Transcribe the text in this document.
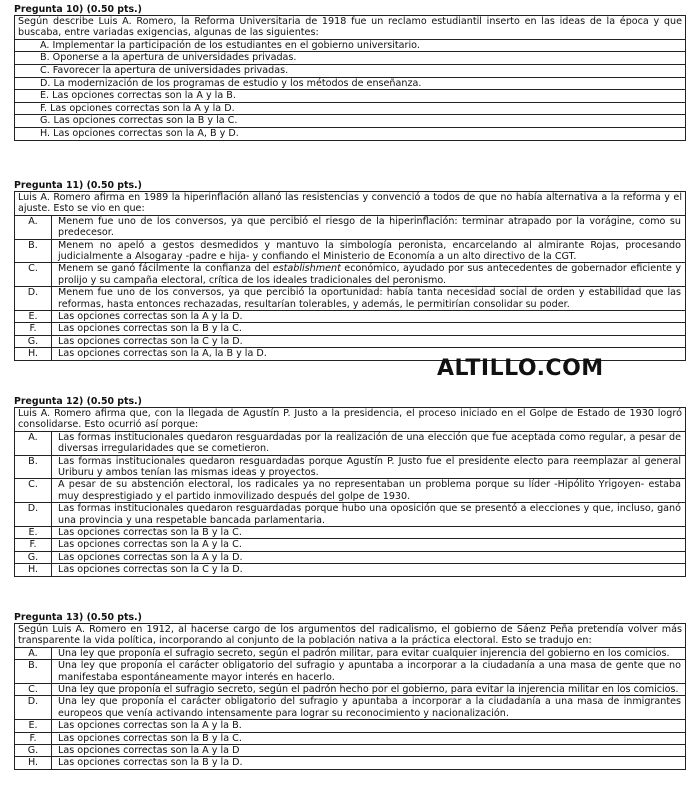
Pregunta 10) (0.50 pts.)
Según describe Luis A. Romero, la Reforma Universitaria de 1918 fue un reclamo estudiantil inserto en las ideas de la época y que buscaba, entre variadas exigencias, algunas de las siguientes:
A. Implementar la participación de los estudiantes en el gobierno universitario.
B. Oponerse a la apertura de universidades privadas.
C. Favorecer la apertura de universidades privadas.
D. La modernización de los programas de estudio y los métodos de enseñanza.
E. Las opciones correctas son la A y la B.
F. Las opciones correctas son la A y la D.
G. Las opciones correctas son la B y la C.
H. Las opciones correctas son la A, B y D.
Pregunta 11) (0.50 pts.)
Luis A. Romero afirma en 1989 la hiperinflación allanó las resistencias y convenció a todos de que no había alternativa a la reforma y el ajuste. Esto se vio en que:
A.	Menem fue uno de los conversos, ya que percibió el riesgo de la hiperinflación: terminar atrapado por la vorágine, como su predecesor.
B.	Menem no apeló a gestos desmedidos y mantuvo la simbología peronista, encarcelando al almirante Rojas, procesando judicialmente a Alsogaray -padre e hija- y confiando el Ministerio de Economía a un alto directivo de la CGT.
C.	Menem se ganó fácilmente la confianza del establishment económico, ayudado por sus antecedentes de gobernador eficiente y prolijo y su campaña electoral, crítica de los ideales tradicionales del peronismo.
D.	Menem fue uno de los conversos, ya que percibió la oportunidad: había tanta necesidad social de orden y estabilidad que las reformas, hasta entonces rechazadas, resultarían tolerables, y además, le permitirían consolidar su poder.
E.	Las opciones correctas son la A y la D.
F.	Las opciones correctas son la B y la C.
G.	Las opciones correctas son la C y la D.
H.	Las opciones correctas son la A, la B y la D.
ALTILLO.COM
Pregunta 12) (0.50 pts.)
Luis A. Romero afirma que, con la llegada de Agustín P. Justo a la presidencia, el proceso iniciado en el Golpe de Estado de 1930 logró consolidarse. Esto ocurrió así porque:
A.	Las formas institucionales quedaron resguardadas por la realización de una elección que fue aceptada como regular, a pesar de diversas irregularidades que se cometieron.
B.	Las formas institucionales quedaron resguardadas porque Agustín P. Justo fue el presidente electo para reemplazar al general Uriburu y ambos tenían las mismas ideas y proyectos.
C.	A pesar de su abstención electoral, los radicales ya no representaban un problema porque su líder -Hipólito Yrigoyen- estaba muy desprestigiado y el partido inmovilizado después del golpe de 1930.
D.	Las formas institucionales quedaron resguardadas porque hubo una oposición que se presentó a elecciones y que, incluso, ganó una provincia y una respetable bancada parlamentaria.
E.	Las opciones correctas son la B y la C.
F.	Las opciones correctas son la A y la C.
G.	Las opciones correctas son la A y la D.
H.	Las opciones correctas son la C y la D.
Pregunta 13) (0.50 pts.)
Según Luis A. Romero en 1912, al hacerse cargo de los argumentos del radicalismo, el gobierno de Sáenz Peña pretendía volver más transparente la vida política, incorporando al conjunto de la población nativa a la práctica electoral. Esto se tradujo en:
A.	Una ley que proponía el sufragio secreto, según el padrón militar, para evitar cualquier injerencia del gobierno en los comicios.
B.	Una ley que proponía el carácter obligatorio del sufragio y apuntaba a incorporar a la ciudadanía a una masa de gente que no manifestaba espontáneamente mayor interés en hacerlo.
C.	Una ley que proponía el sufragio secreto, según el padrón hecho por el gobierno, para evitar la injerencia militar en los comicios.
D.	Una ley que proponía el carácter obligatorio del sufragio y apuntaba a incorporar a la ciudadanía a una masa de inmigrantes europeos que venía activando intensamente para lograr su reconocimiento y nacionalización.
E.	Las opciones correctas son la A y la B.
F.	Las opciones correctas son la B y la C.
G.	Las opciones correctas son la A y la D
H.	Las opciones correctas son la B y la D.
